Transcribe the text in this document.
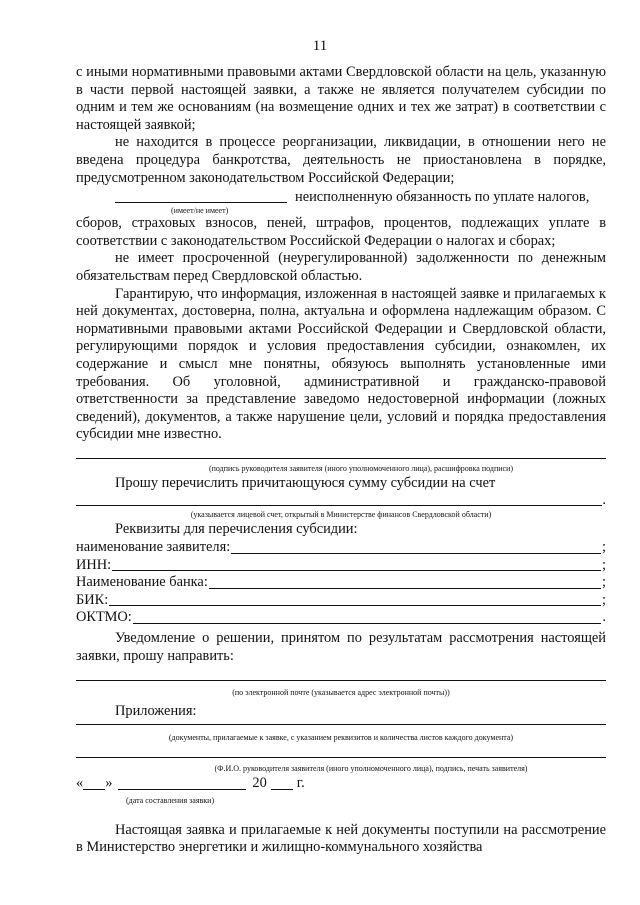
11

с иными нормативными правовыми актами Свердловской области на цель, указанную в части первой настоящей заявки, а также не является получателем субсидии по одним и тем же основаниям (на возмещение одних и тех же затрат) в соответствии с настоящей заявкой;

не находится в процессе реорганизации, ликвидации, в отношении него не введена процедура банкротства, деятельность не приостановлена в порядке, предусмотренном законодательством Российской Федерации;

неисполненную обязанность по уплате налогов,
(имеет/не имеет)

сборов, страховых взносов, пеней, штрафов, процентов, подлежащих уплате в соответствии с законодательством Российской Федерации о налогах и сборах;

не имеет просроченной (неурегулированной) задолженности по денежным обязательствам перед Свердловской областью.

Гарантирую, что информация, изложенная в настоящей заявке и прилагаемых к ней документах, достоверна, полна, актуальна и оформлена надлежащим образом. С нормативными правовыми актами Российской Федерации и Свердловской области, регулирующими порядок и условия предоставления субсидии, ознакомлен, их содержание и смысл мне понятны, обязуюсь выполнять установленные ими требования. Об уголовной, административной и гражданско-правовой ответственности за представление заведомо недостоверной информации (ложных сведений), документов, а также нарушение цели, условий и порядка предоставления субсидии мне известно.

(подпись руководителя заявителя (иного уполномоченного лица), расшифровка подписи)

Прошу перечислить причитающуюся сумму субсидии на счет

.
(указывается лицевой счет, открытый в Министерстве финансов Свердловской области)

Реквизиты для перечисления субсидии:

наименование заявителя:	;
ИНН:	;
Наименование банка:	;
БИК:	;
ОКТМО:	.

Уведомление о решении, принятом по результатам рассмотрения настоящей заявки, прошу направить:

(по электронной почте (указывается адрес электронной почты))

Приложения:

(документы, прилагаемые к заявке, с указанием реквизитов и количества листов каждого документа)
(Ф.И.О. руководителя заявителя (иного уполномоченного лица), подпись, печать заявителя)
« »	20 г.
(дата составления заявки)

Настоящая заявка и прилагаемые к ней документы поступили на рассмотрение в Министерство энергетики и жилищно-коммунального хозяйства
